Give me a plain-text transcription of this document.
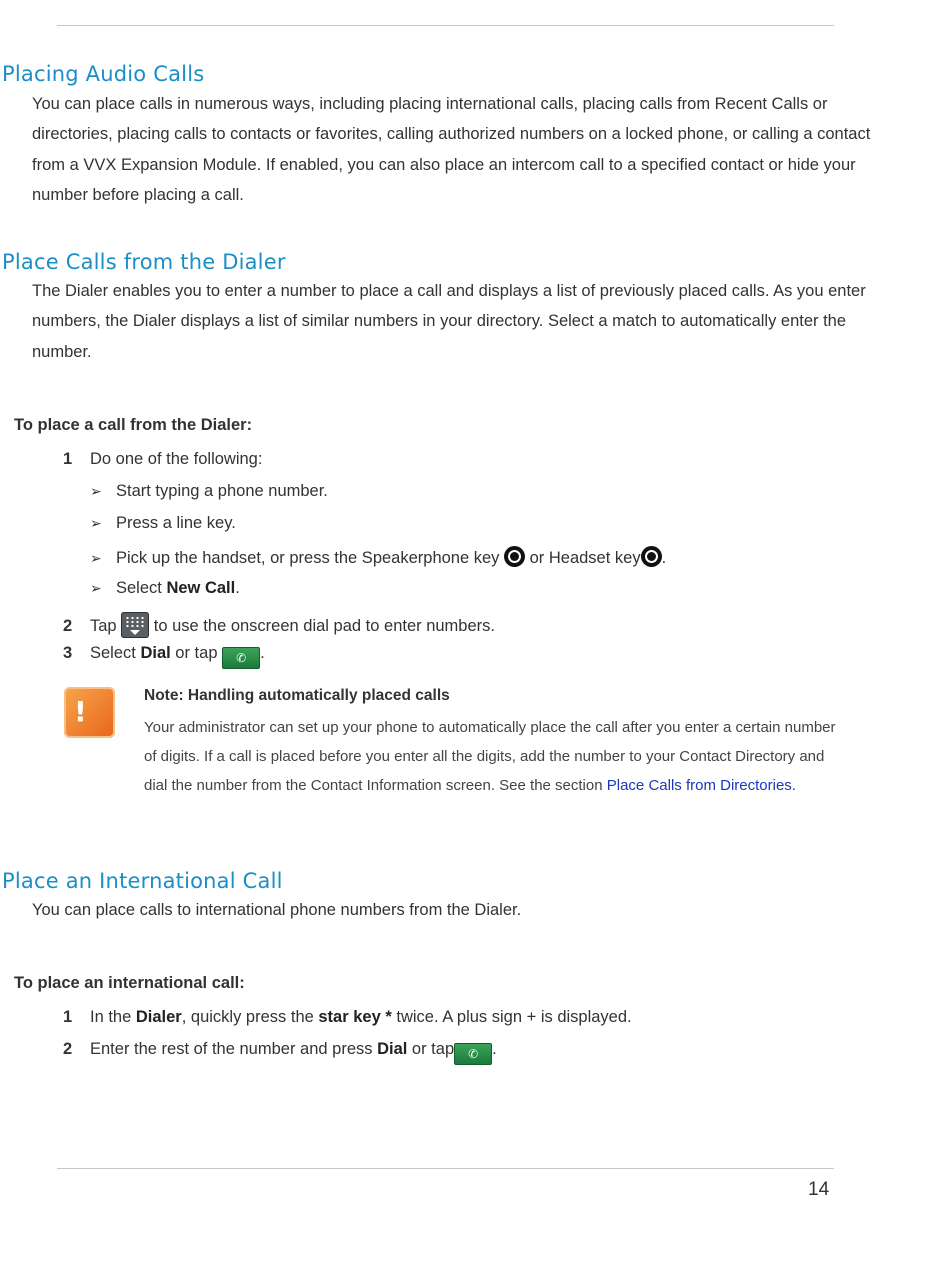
Placing Audio Calls

You can place calls in numerous ways, including placing international calls, placing calls from Recent Calls or directories, placing calls to contacts or favorites, calling authorized numbers on a locked phone, or calling a contact from a VVX Expansion Module. If enabled, you can also place an intercom call to a specified contact or hide your number before placing a call.

Place Calls from the Dialer

The Dialer enables you to enter a number to place a call and displays a list of previously placed calls. As you enter numbers, the Dialer displays a list of similar numbers in your directory. Select a match to automatically enter the number.

To place a call from the Dialer:
1 Do one of the following:
➢ Start typing a phone number.
➢ Press a line key.
➢ Pick up the handset, or press the Speakerphone key  or Headset key .
➢ Select New Call.
2 Tap  to use the onscreen dial pad to enter numbers.
3 Select Dial or tap ✆ .
!	Note: Handling automatically placed calls

Your administrator can set up your phone to automatically place the call after you enter a certain number of digits. If a call is placed before you enter all the digits, add the number to your Contact Directory and dial the number from the Contact Information screen. See the section Place Calls from Directories.

Place an International Call

You can place calls to international phone numbers from the Dialer.

To place an international call:
1 In the Dialer, quickly press the star key * twice. A plus sign + is displayed.
2 Enter the rest of the number and press Dial or tap ✆ .
14
